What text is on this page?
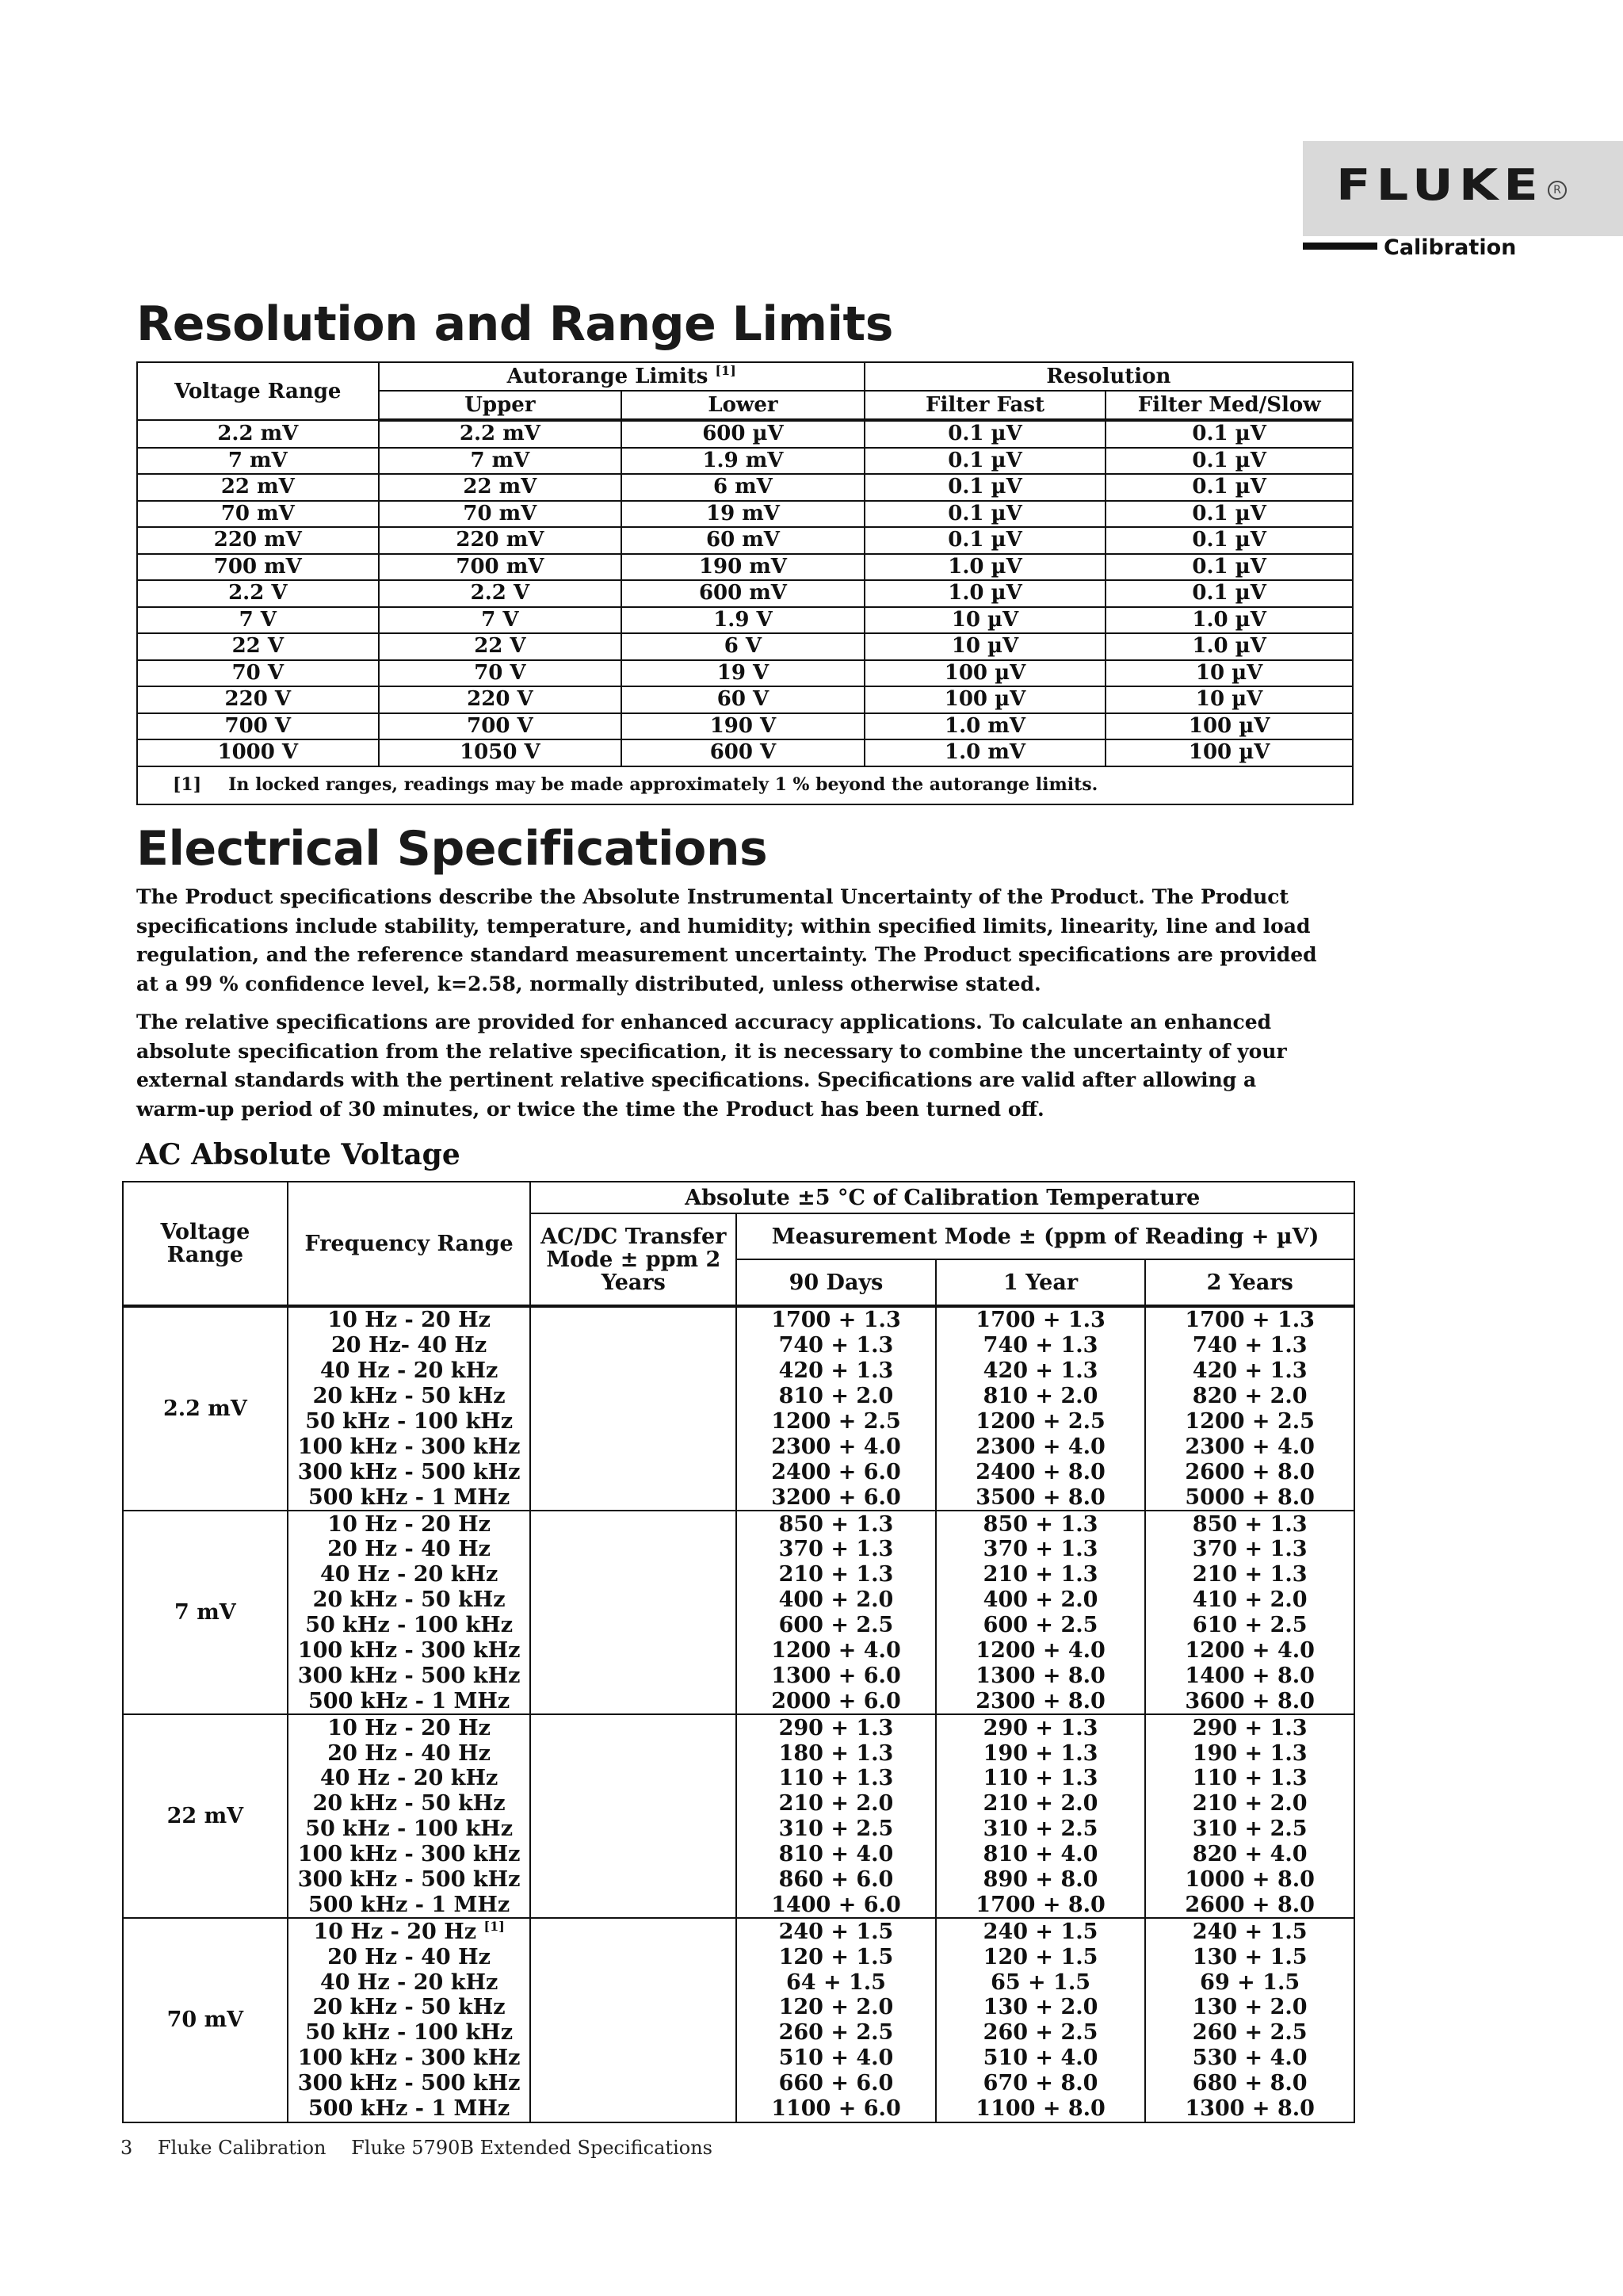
FLUKE R
Calibration
Resolution and Range Limits
Voltage Range	Autorange Limits [1]		Resolution	
	Upper	Lower	Filter Fast	Filter Med/Slow
2.2 mV	2.2 mV	600 µV	0.1 µV	0.1 µV
7 mV	7 mV	1.9 mV	0.1 µV	0.1 µV
22 mV	22 mV	6 mV	0.1 µV	0.1 µV
70 mV	70 mV	19 mV	0.1 µV	0.1 µV
220 mV	220 mV	60 mV	0.1 µV	0.1 µV
700 mV	700 mV	190 mV	1.0 µV	0.1 µV
2.2 V	2.2 V	600 mV	1.0 µV	0.1 µV
7 V	7 V	1.9 V	10 µV	1.0 µV
22 V	22 V	6 V	10 µV	1.0 µV
70 V	70 V	19 V	100 µV	10 µV
220 V	220 V	60 V	100 µV	10 µV
700 V	700 V	190 V	1.0 mV	100 µV
1000 V	1050 V	600 V	1.0 mV	100 µV
[1] In locked ranges, readings may be made approximately 1 % beyond the autorange limits.				
Electrical Specifications

The Product specifications describe the Absolute Instrumental Uncertainty of the Product. The Product specifications include stability, temperature, and humidity; within specified limits, linearity, line and load regulation, and the reference standard measurement uncertainty. The Product specifications are provided at a 99 % confidence level, k=2.58, normally distributed, unless otherwise stated.

The relative specifications are provided for enhanced accuracy applications. To calculate an enhanced absolute specification from the relative specification, it is necessary to combine the uncertainty of your external standards with the pertinent relative specifications. Specifications are valid after allowing a warm-up period of 30 minutes, or twice the time the Product has been turned off.

AC Absolute Voltage
Voltage Range	Frequency Range	Absolute ±5 °C of Calibration Temperature			
		AC/DC Transfer Mode ± ppm 2 Years	Measurement Mode ± (ppm of Reading + µV)		
			90 Days	1 Year	2 Years
2.2 mV	10 Hz - 20 Hz		1700 + 1.3	1700 + 1.3	1700 + 1.3
	20 Hz- 40 Hz		740 + 1.3	740 + 1.3	740 + 1.3
	40 Hz - 20 kHz		420 + 1.3	420 + 1.3	420 + 1.3
	20 kHz - 50 kHz		810 + 2.0	810 + 2.0	820 + 2.0
	50 kHz - 100 kHz		1200 + 2.5	1200 + 2.5	1200 + 2.5
	100 kHz - 300 kHz		2300 + 4.0	2300 + 4.0	2300 + 4.0
	300 kHz - 500 kHz		2400 + 6.0	2400 + 8.0	2600 + 8.0
	500 kHz - 1 MHz		3200 + 6.0	3500 + 8.0	5000 + 8.0
7 mV	10 Hz - 20 Hz		850 + 1.3	850 + 1.3	850 + 1.3
	20 Hz - 40 Hz		370 + 1.3	370 + 1.3	370 + 1.3
	40 Hz - 20 kHz		210 + 1.3	210 + 1.3	210 + 1.3
	20 kHz - 50 kHz		400 + 2.0	400 + 2.0	410 + 2.0
	50 kHz - 100 kHz		600 + 2.5	600 + 2.5	610 + 2.5
	100 kHz - 300 kHz		1200 + 4.0	1200 + 4.0	1200 + 4.0
	300 kHz - 500 kHz		1300 + 6.0	1300 + 8.0	1400 + 8.0
	500 kHz - 1 MHz		2000 + 6.0	2300 + 8.0	3600 + 8.0
22 mV	10 Hz - 20 Hz		290 + 1.3	290 + 1.3	290 + 1.3
	20 Hz - 40 Hz		180 + 1.3	190 + 1.3	190 + 1.3
	40 Hz - 20 kHz		110 + 1.3	110 + 1.3	110 + 1.3
	20 kHz - 50 kHz		210 + 2.0	210 + 2.0	210 + 2.0
	50 kHz - 100 kHz		310 + 2.5	310 + 2.5	310 + 2.5
	100 kHz - 300 kHz		810 + 4.0	810 + 4.0	820 + 4.0
	300 kHz - 500 kHz		860 + 6.0	890 + 8.0	1000 + 8.0
	500 kHz - 1 MHz		1400 + 6.0	1700 + 8.0	2600 + 8.0
70 mV	10 Hz - 20 Hz [1]		240 + 1.5	240 + 1.5	240 + 1.5
	20 Hz - 40 Hz		120 + 1.5	120 + 1.5	130 + 1.5
	40 Hz - 20 kHz		64 + 1.5	65 + 1.5	69 + 1.5
	20 kHz - 50 kHz		120 + 2.0	130 + 2.0	130 + 2.0
	50 kHz - 100 kHz		260 + 2.5	260 + 2.5	260 + 2.5
	100 kHz - 300 kHz		510 + 4.0	510 + 4.0	530 + 4.0
	300 kHz - 500 kHz		660 + 6.0	670 + 8.0	680 + 8.0
	500 kHz - 1 MHz		1100 + 6.0	1100 + 8.0	1300 + 8.0
3 Fluke Calibration Fluke 5790B Extended Specifications
